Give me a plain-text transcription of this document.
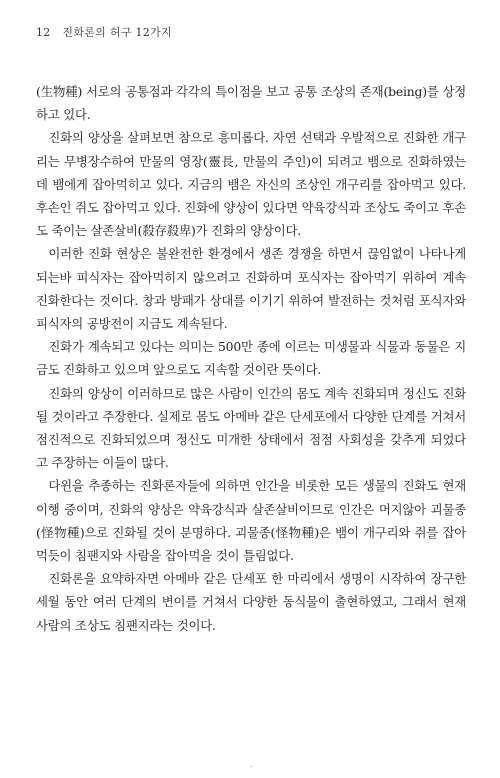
12 진화론의 허구 12가지

(生物種) 서로의 공통점과 각각의 특이점을 보고 공통 조상의 존재(being)를 상정하고 있다.

진화의 양상을 살펴보면 참으로 흥미롭다. 자연 선택과 우발적으로 진화한 개구리는 무병장수하여 만물의 영장(靈長, 만물의 주인)이 되려고 뱀으로 진화하였는데 뱀에게 잡아먹히고 있다. 지금의 뱀은 자신의 조상인 개구리를 잡아먹고 있다. 후손인 쥐도 잡아먹고 있다. 진화에 양상이 있다면 약육강식과 조상도 죽이고 후손도 죽이는 살존살비(殺存殺卑)가 진화의 양상이다.

이러한 진화 현상은 불완전한 환경에서 생존 경쟁을 하면서 끊임없이 나타나게 되는바 피식자는 잡아먹히지 않으려고 진화하며 포식자는 잡아먹기 위하여 계속 진화한다는 것이다. 창과 방패가 상대를 이기기 위하여 발전하는 것처럼 포식자와 피식자의 공방전이 지금도 계속된다.

진화가 계속되고 있다는 의미는 500만 종에 이르는 미생물과 식물과 동물은 지금도 진화하고 있으며 앞으로도 지속할 것이란 뜻이다.

진화의 양상이 이러하므로 많은 사람이 인간의 몸도 계속 진화되며 정신도 진화될 것이라고 주장한다. 실제로 몸도 아메바 같은 단세포에서 다양한 단계를 거쳐서 점진적으로 진화되었으며 정신도 미개한 상태에서 점점 사회성을 갖추게 되었다고 주장하는 이들이 많다.

다윈을 추종하는 진화론자들에 의하면 인간을 비롯한 모든 생물의 진화도 현재 이행 중이며, 진화의 양상은 약육강식과 살존살비이므로 인간은 머지않아 괴물종(怪物種)으로 진화될 것이 분명하다. 괴물종(怪物種)은 뱀이 개구리와 쥐를 잡아먹듯이 침팬지와 사람을 잡아먹을 것이 틀림없다.

진화론을 요약하자면 아메바 같은 단세포 한 마리에서 생명이 시작하여 장구한 세월 동안 여러 단계의 변이를 거쳐서 다양한 동식물이 출현하였고, 그래서 현재 사람의 조상도 침팬지라는 것이다.

.
